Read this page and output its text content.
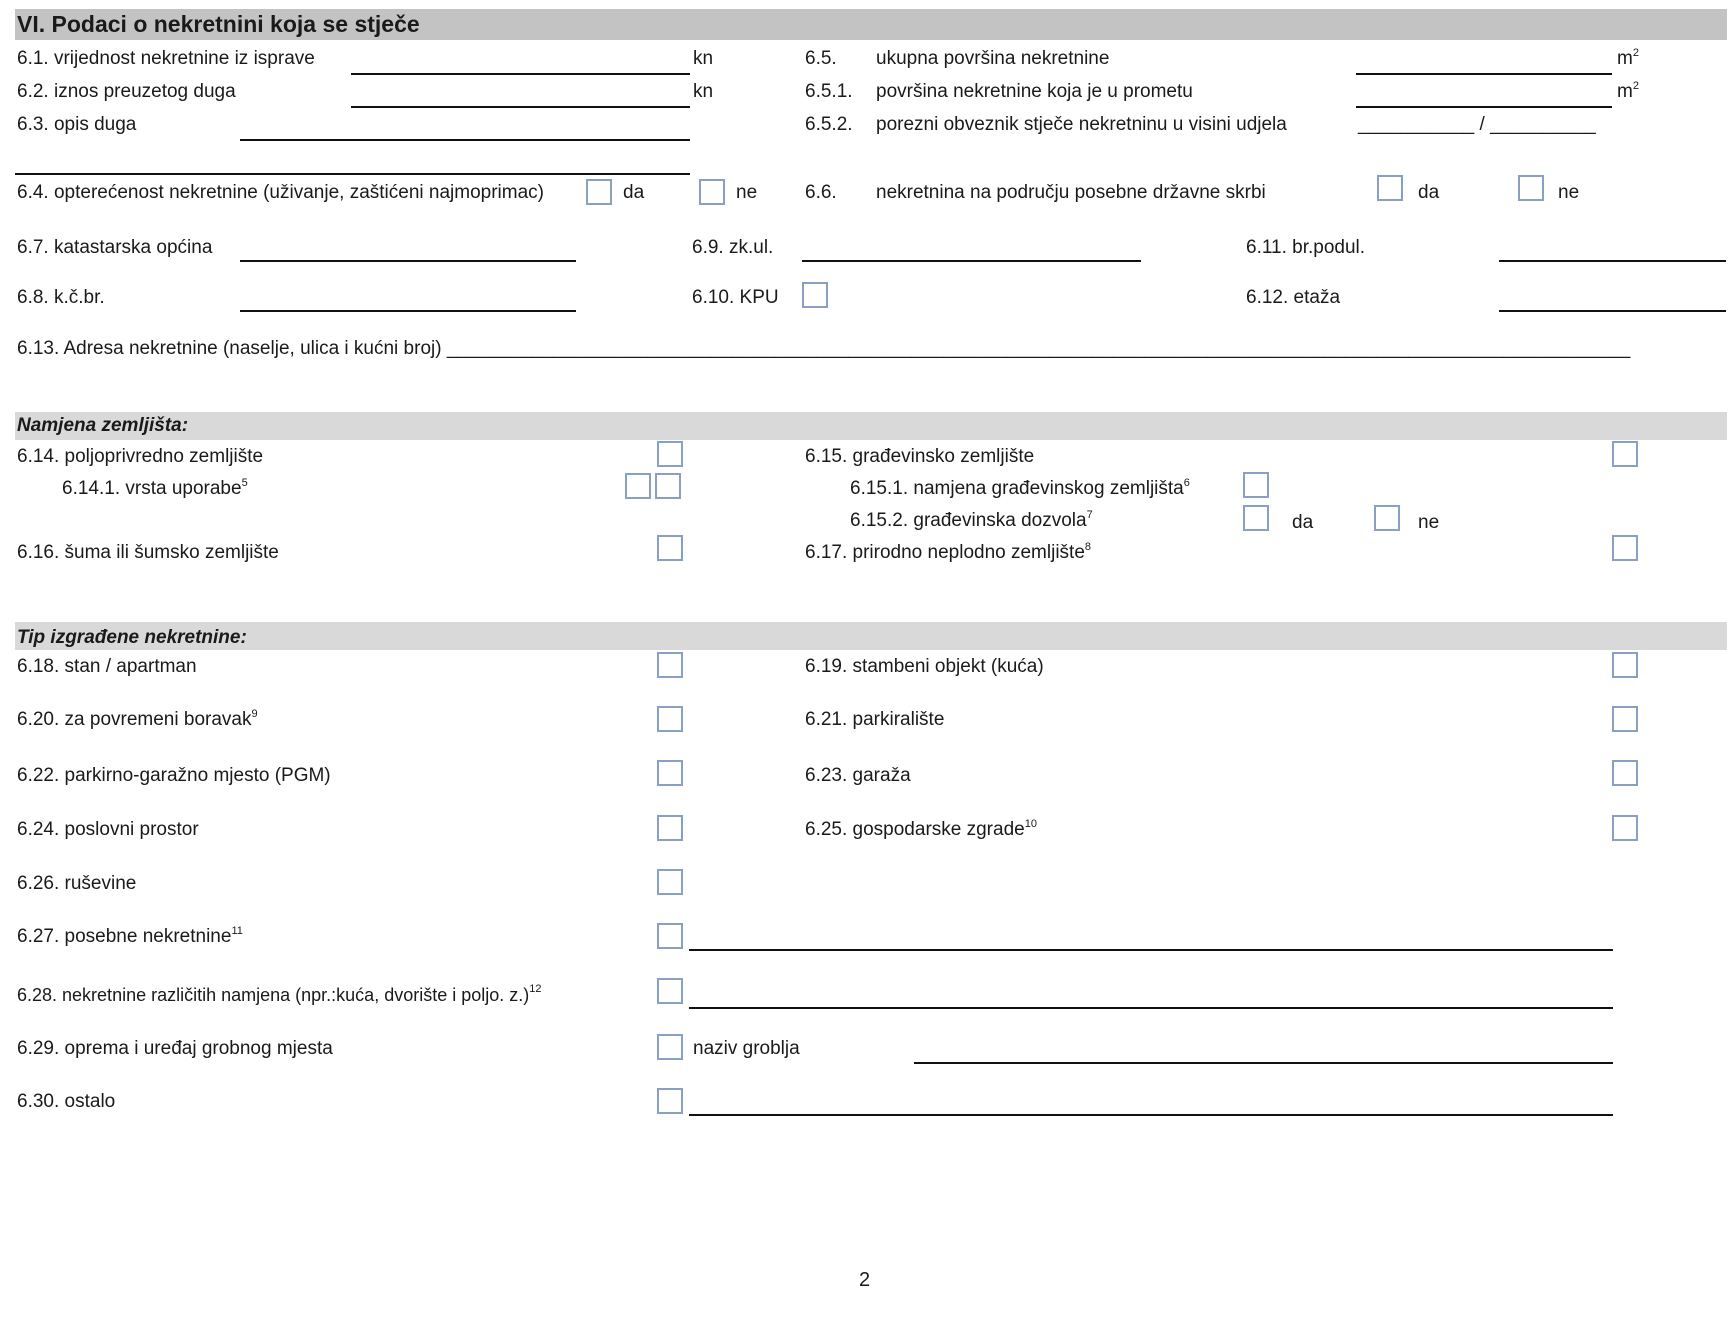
VI. Podaci o nekretnini koja se stječe
6.1. vrijednost nekretnine iz isprave	kn
6.2. iznos preuzetog duga	kn
6.3. opis duga
6.5. ukupna površina nekretnine	$m^2$
6.5.1. površina nekretnine koja je u prometu	$m^2$
6.5.2. porezni obveznik stječe nekretninu u visini udjela	___________ / __________
6.4. opterećenost nekretnine (uživanje, zaštićeni najmoprimac)	da	ne	6.6. nekretnina na području posebne državne skrbi	da	ne
6.7. katastarska općina	6.9. zk.ul.	6.11. br.podul.
6.8. k.č.br.	6.10. KPU	6.12. etaža
6.13. Adresa nekretnine (naselje, ulica i kućni broj) ________________________________________________________________________________________________________________
Namjena zemljišta:
6.14. poljoprivredno zemljište	6.15. građevinsko zemljište
6.14.1. vrsta uporabe$^5$	6.15.1. namjena građevinskog zemljišta$^6$
6.15.2. građevinska dozvola$^7$	da	ne
6.16. šuma ili šumsko zemljište	6.17. prirodno neplodno zemljište$^8$
Tip izgrađene nekretnine:
6.18. stan / apartman	6.19. stambeni objekt (kuća)
6.20. za povremeni boravak$^9$	6.21. parkiralište
6.22. parkirno-garažno mjesto (PGM)	6.23. garaža
6.24. poslovni prostor	6.25. gospodarske zgrade$^{10}$
6.26. ruševine
6.27. posebne nekretnine$^{11}$
6.28. nekretnine različitih namjena (npr.:kuća, dvorište i poljo. z.)$^{12}$
6.29. oprema i uređaj grobnog mjesta	naziv groblja
6.30. ostalo
2
